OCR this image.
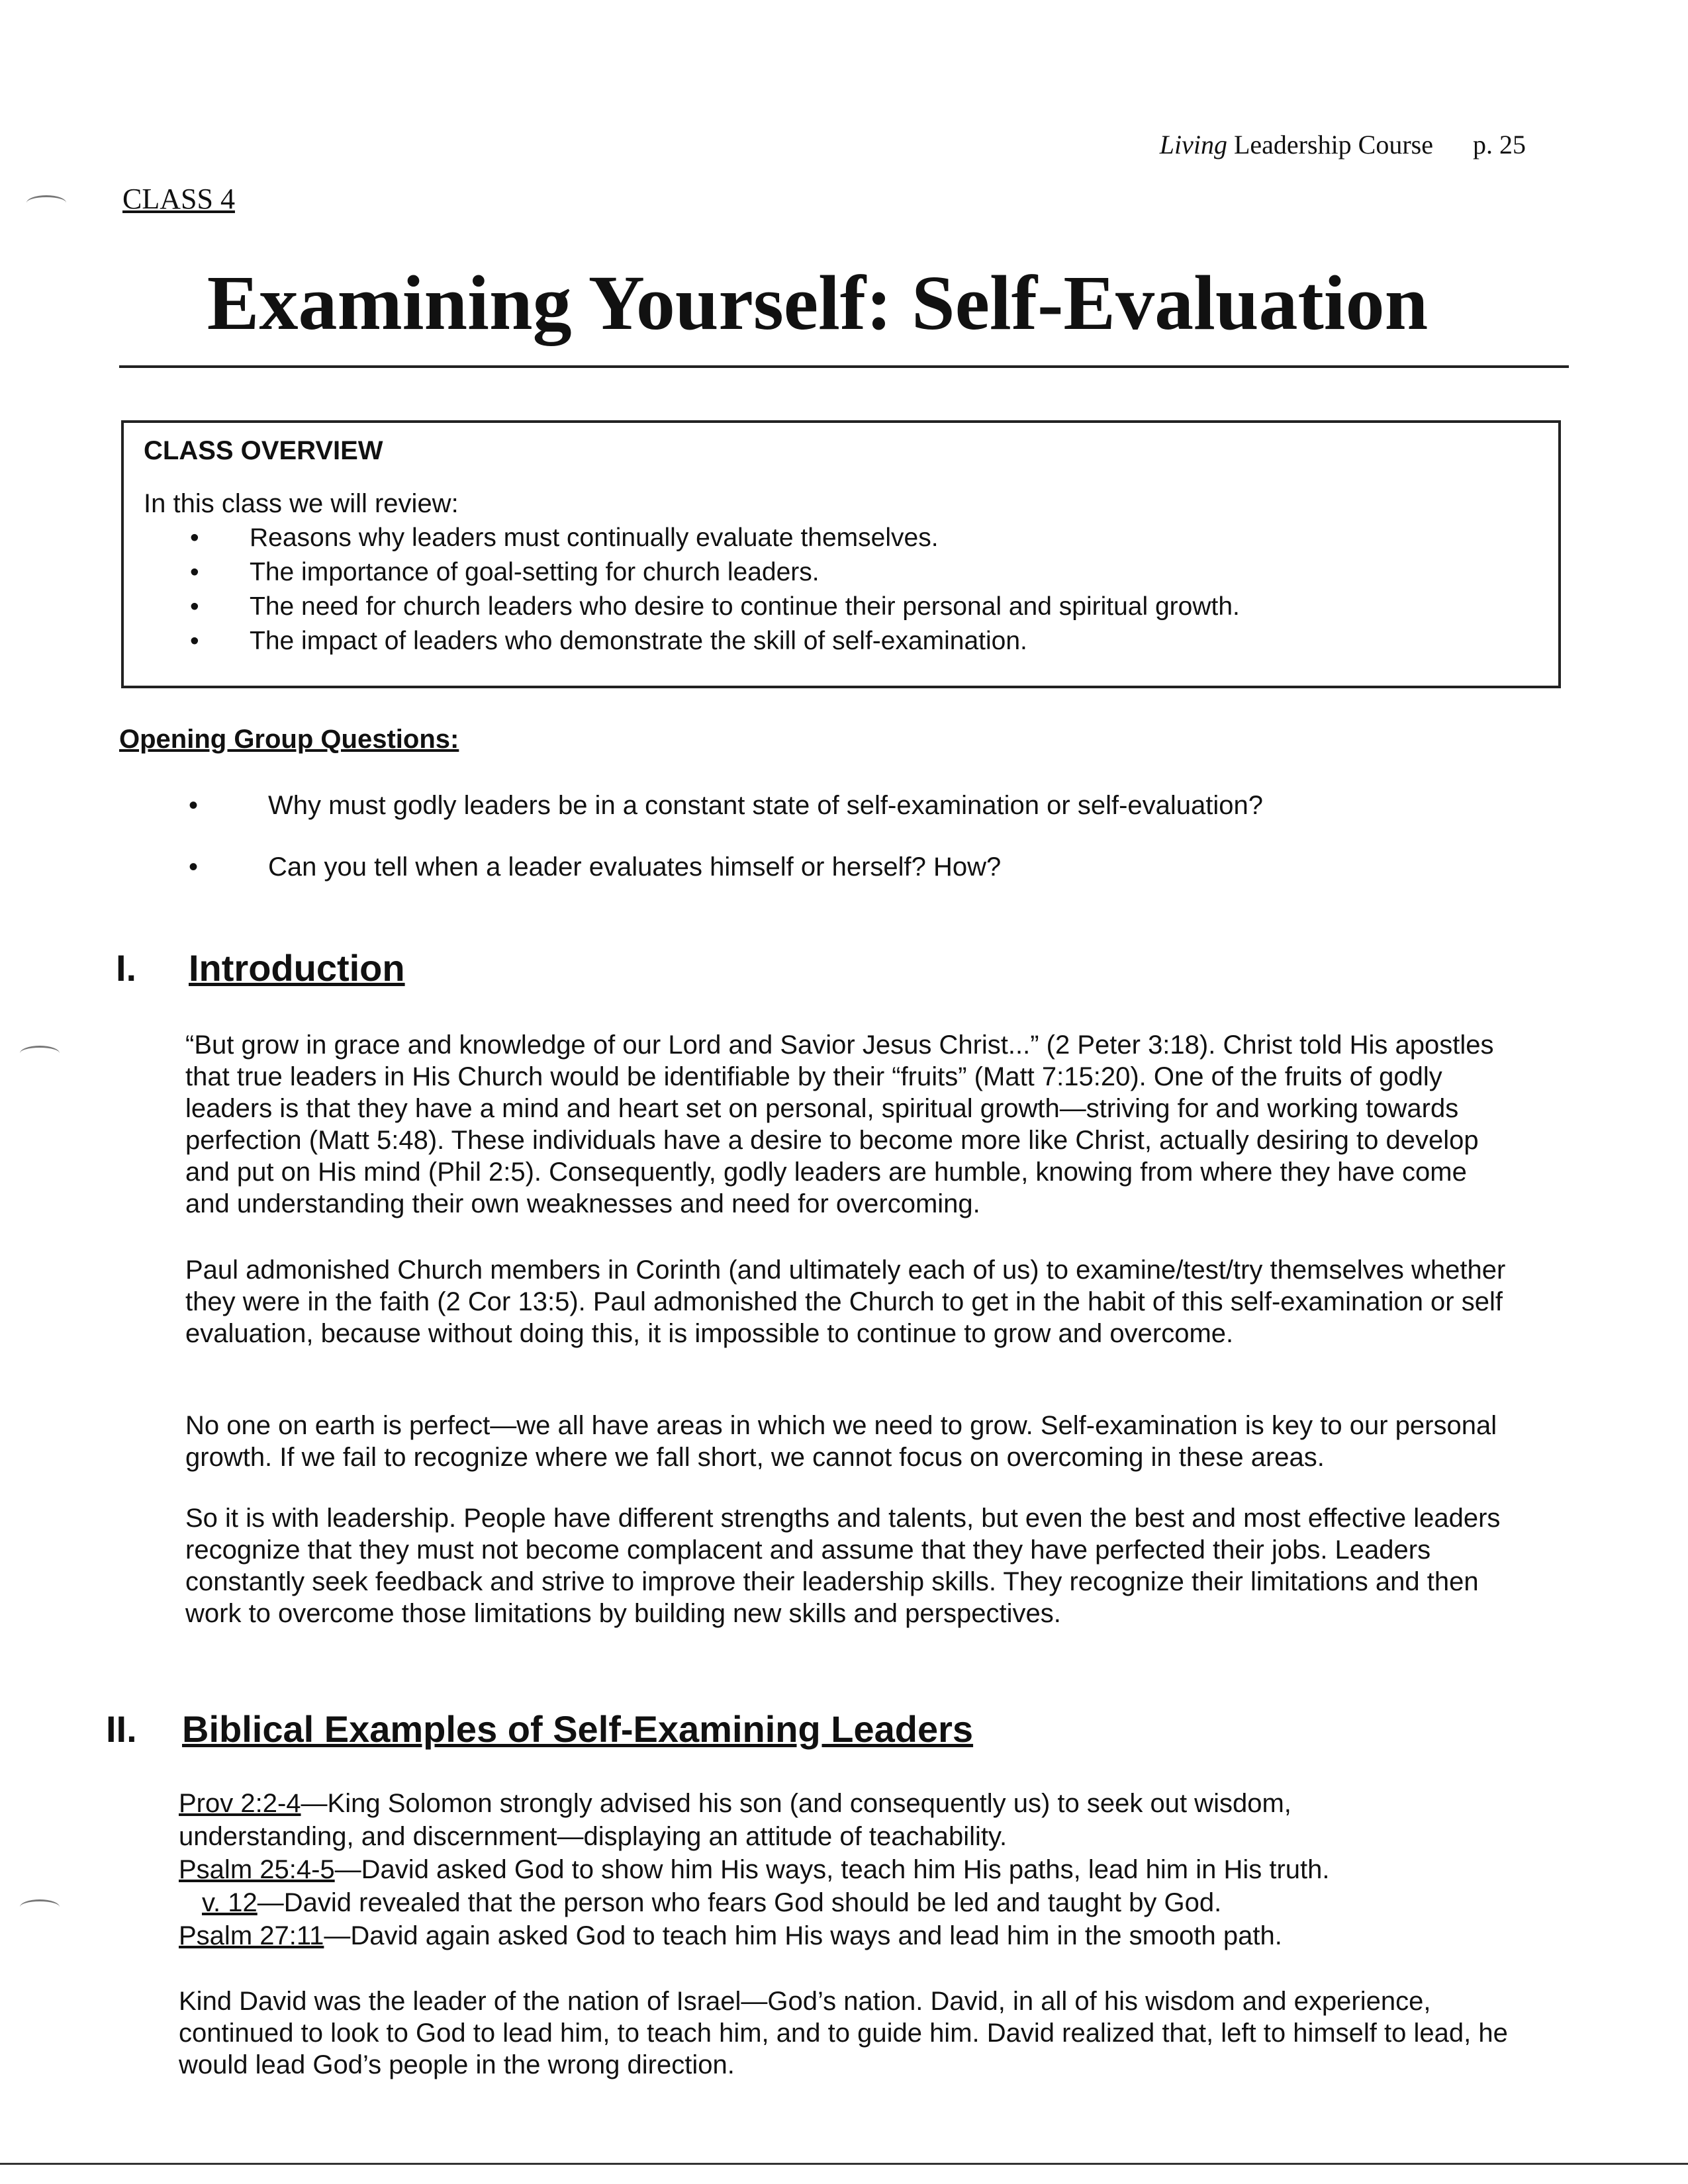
Living Leadership Course p. 25
CLASS 4
Examining Yourself: Self-Evaluation
CLASS OVERVIEW
In this class we will review:
• Reasons why leaders must continually evaluate themselves.
• The importance of goal-setting for church leaders.
• The need for church leaders who desire to continue their personal and spiritual growth.
• The impact of leaders who demonstrate the skill of self-examination.
Opening Group Questions:
• Why must godly leaders be in a constant state of self-examination or self-evaluation?
• Can you tell when a leader evaluates himself or herself? How?
I. Introduction

“But grow in grace and knowledge of our Lord and Savior Jesus Christ...” (2 Peter 3:18). Christ told His apostles that true leaders in His Church would be identifiable by their “fruits” (Matt 7:15:20). One of the fruits of godly leaders is that they have a mind and heart set on personal, spiritual growth—striving for and working towards perfection (Matt 5:48). These individuals have a desire to become more like Christ, actually desiring to develop and put on His mind (Phil 2:5). Consequently, godly leaders are humble, knowing from where they have come and understanding their own weaknesses and need for overcoming.

Paul admonished Church members in Corinth (and ultimately each of us) to examine/test/try themselves whether they were in the faith (2 Cor 13:5). Paul admonished the Church to get in the habit of this self-examination or self evaluation, because without doing this, it is impossible to continue to grow and overcome.

No one on earth is perfect—we all have areas in which we need to grow. Self-examination is key to our personal growth. If we fail to recognize where we fall short, we cannot focus on overcoming in these areas.

So it is with leadership. People have different strengths and talents, but even the best and most effective leaders recognize that they must not become complacent and assume that they have perfected their jobs. Leaders constantly seek feedback and strive to improve their leadership skills. They recognize their limitations and then work to overcome those limitations by building new skills and perspectives.

II. Biblical Examples of Self-Examining Leaders
Prov 2:2-4—King Solomon strongly advised his son (and consequently us) to seek out wisdom,
understanding, and discernment—displaying an attitude of teachability.
Psalm 25:4-5—David asked God to show him His ways, teach him His paths, lead him in His truth.
v. 12—David revealed that the person who fears God should be led and taught by God.
Psalm 27:11—David again asked God to teach him His ways and lead him in the smooth path.

Kind David was the leader of the nation of Israel—God’s nation. David, in all of his wisdom and experience, continued to look to God to lead him, to teach him, and to guide him. David realized that, left to himself to lead, he would lead God’s people in the wrong direction.
